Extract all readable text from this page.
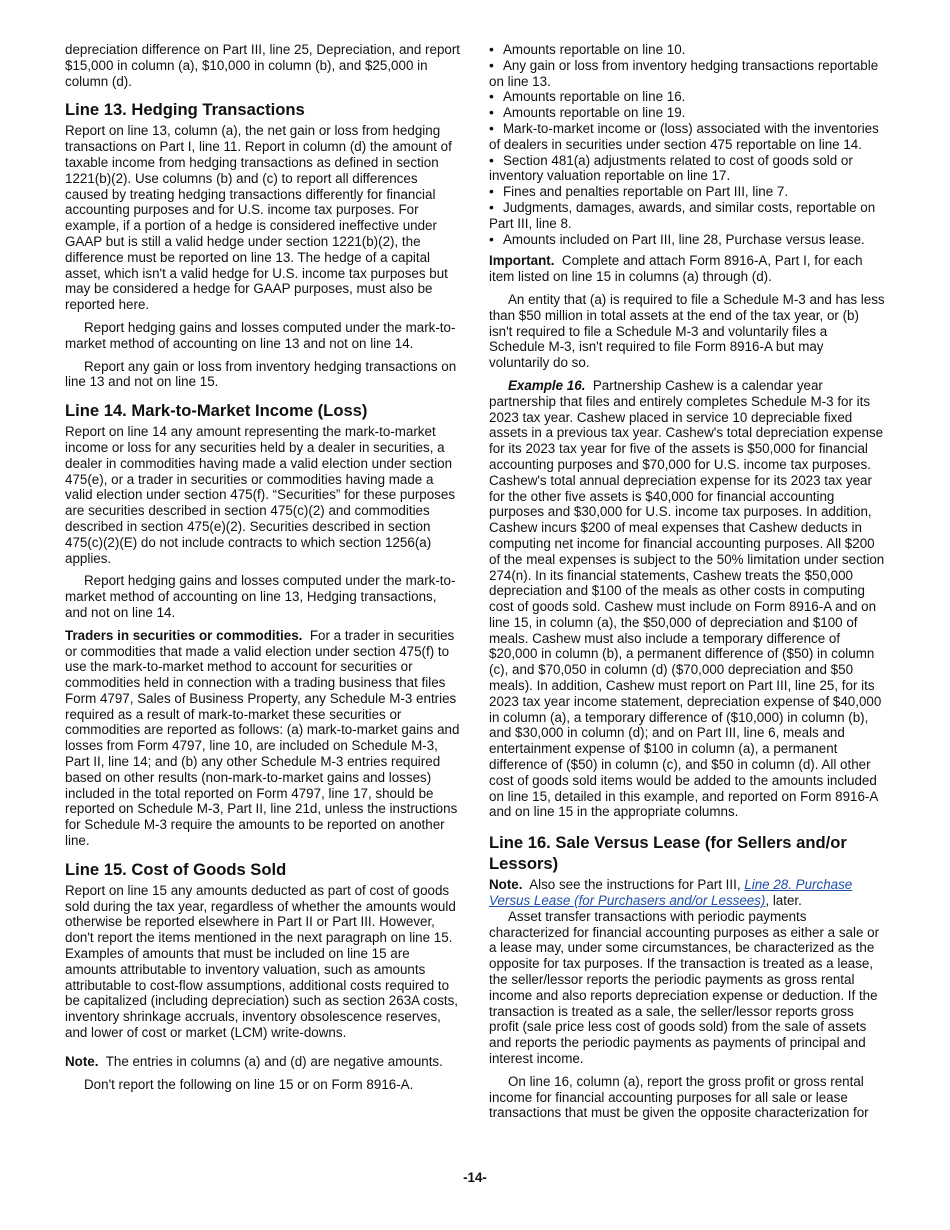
depreciation difference on Part III, line 25, Depreciation, and report $15,000 in column (a), $10,000 in column (b), and $25,000 in column (d).

Line 13. Hedging Transactions

Report on line 13, column (a), the net gain or loss from hedging transactions on Part I, line 11. Report in column (d) the amount of taxable income from hedging transactions as defined in section 1221(b)(2). Use columns (b) and (c) to report all differences caused by treating hedging transactions differently for financial accounting purposes and for U.S. income tax purposes. For example, if a portion of a hedge is considered ineffective under GAAP but is still a valid hedge under section 1221(b)(2), the difference must be reported on line 13. The hedge of a capital asset, which isn't a valid hedge for U.S. income tax purposes but may be considered a hedge for GAAP purposes, must also be reported here.

Report hedging gains and losses computed under the mark-to-market method of accounting on line 13 and not on line 14.

Report any gain or loss from inventory hedging transactions on line 13 and not on line 15.

Line 14. Mark-to-Market Income (Loss)

Report on line 14 any amount representing the mark-to-market income or loss for any securities held by a dealer in securities, a dealer in commodities having made a valid election under section 475(e), or a trader in securities or commodities having made a valid election under section 475(f). “Securities” for these purposes are securities described in section 475(c)(2) and commodities described in section 475(e)(2). Securities described in section 475(c)(2)(E) do not include contracts to which section 1256(a) applies.

Report hedging gains and losses computed under the mark-to-market method of accounting on line 13, Hedging transactions, and not on line 14.

Traders in securities or commodities. For a trader in securities or commodities that made a valid election under section 475(f) to use the mark-to-market method to account for securities or commodities held in connection with a trading business that files Form 4797, Sales of Business Property, any Schedule M-3 entries required as a result of mark-to-market these securities or commodities are reported as follows: (a) mark-to-market gains and losses from Form 4797, line 10, are included on Schedule M-3, Part II, line 14; and (b) any other Schedule M-3 entries required based on other results (non-mark-to-market gains and losses) included in the total reported on Form 4797, line 17, should be reported on Schedule M-3, Part II, line 21d, unless the instructions for Schedule M-3 require the amounts to be reported on another line.

Line 15. Cost of Goods Sold

Report on line 15 any amounts deducted as part of cost of goods sold during the tax year, regardless of whether the amounts would otherwise be reported elsewhere in Part II or Part III. However, don't report the items mentioned in the next paragraph on line 15. Examples of amounts that must be included on line 15 are amounts attributable to inventory valuation, such as amounts attributable to cost-flow assumptions, additional costs required to be capitalized (including depreciation) such as section 263A costs, inventory shrinkage accruals, inventory obsolescence reserves, and lower of cost or market (LCM) write-downs.

Note. The entries in columns (a) and (d) are negative amounts.

Don't report the following on line 15 or on Form 8916-A.

• Amounts reportable on line 10.
• Any gain or loss from inventory hedging transactions reportable on line 13.
• Amounts reportable on line 16.
• Amounts reportable on line 19.
• Mark-to-market income or (loss) associated with the inventories of dealers in securities under section 475 reportable on line 14.
• Section 481(a) adjustments related to cost of goods sold or inventory valuation reportable on line 17.
• Fines and penalties reportable on Part III, line 7.
• Judgments, damages, awards, and similar costs, reportable on Part III, line 8.
• Amounts included on Part III, line 28, Purchase versus lease.

Important. Complete and attach Form 8916-A, Part I, for each item listed on line 15 in columns (a) through (d).

An entity that (a) is required to file a Schedule M-3 and has less than $50 million in total assets at the end of the tax year, or (b) isn't required to file a Schedule M-3 and voluntarily files a Schedule M-3, isn't required to file Form 8916-A but may voluntarily do so.

Example 16. Partnership Cashew is a calendar year partnership that files and entirely completes Schedule M-3 for its 2023 tax year. Cashew placed in service 10 depreciable fixed assets in a previous tax year. Cashew's total depreciation expense for its 2023 tax year for five of the assets is $50,000 for financial accounting purposes and $70,000 for U.S. income tax purposes. Cashew's total annual depreciation expense for its 2023 tax year for the other five assets is $40,000 for financial accounting purposes and $30,000 for U.S. income tax purposes. In addition, Cashew incurs $200 of meal expenses that Cashew deducts in computing net income for financial accounting purposes. All $200 of the meal expenses is subject to the 50% limitation under section 274(n). In its financial statements, Cashew treats the $50,000 depreciation and $100 of the meals as other costs in computing cost of goods sold. Cashew must include on Form 8916-A and on line 15, in column (a), the $50,000 of depreciation and $100 of meals. Cashew must also include a temporary difference of $20,000 in column (b), a permanent difference of ($50) in column (c), and $70,050 in column (d) ($70,000 depreciation and $50 meals). In addition, Cashew must report on Part III, line 25, for its 2023 tax year income statement, depreciation expense of $40,000 in column (a), a temporary difference of ($10,000) in column (b), and $30,000 in column (d); and on Part III, line 6, meals and entertainment expense of $100 in column (a), a permanent difference of ($50) in column (c), and $50 in column (d). All other cost of goods sold items would be added to the amounts included on line 15, detailed in this example, and reported on Form 8916-A and on line 15 in the appropriate columns.

Line 16. Sale Versus Lease (for Sellers and/or Lessors)

Note. Also see the instructions for Part III, Line 28. Purchase Versus Lease (for Purchasers and/or Lessees), later.

Asset transfer transactions with periodic payments characterized for financial accounting purposes as either a sale or a lease may, under some circumstances, be characterized as the opposite for tax purposes. If the transaction is treated as a lease, the seller/lessor reports the periodic payments as gross rental income and also reports depreciation expense or deduction. If the transaction is treated as a sale, the seller/lessor reports gross profit (sale price less cost of goods sold) from the sale of assets and reports the periodic payments as payments of principal and interest income.

On line 16, column (a), report the gross profit or gross rental income for financial accounting purposes for all sale or lease transactions that must be given the opposite characterization for

-14-
